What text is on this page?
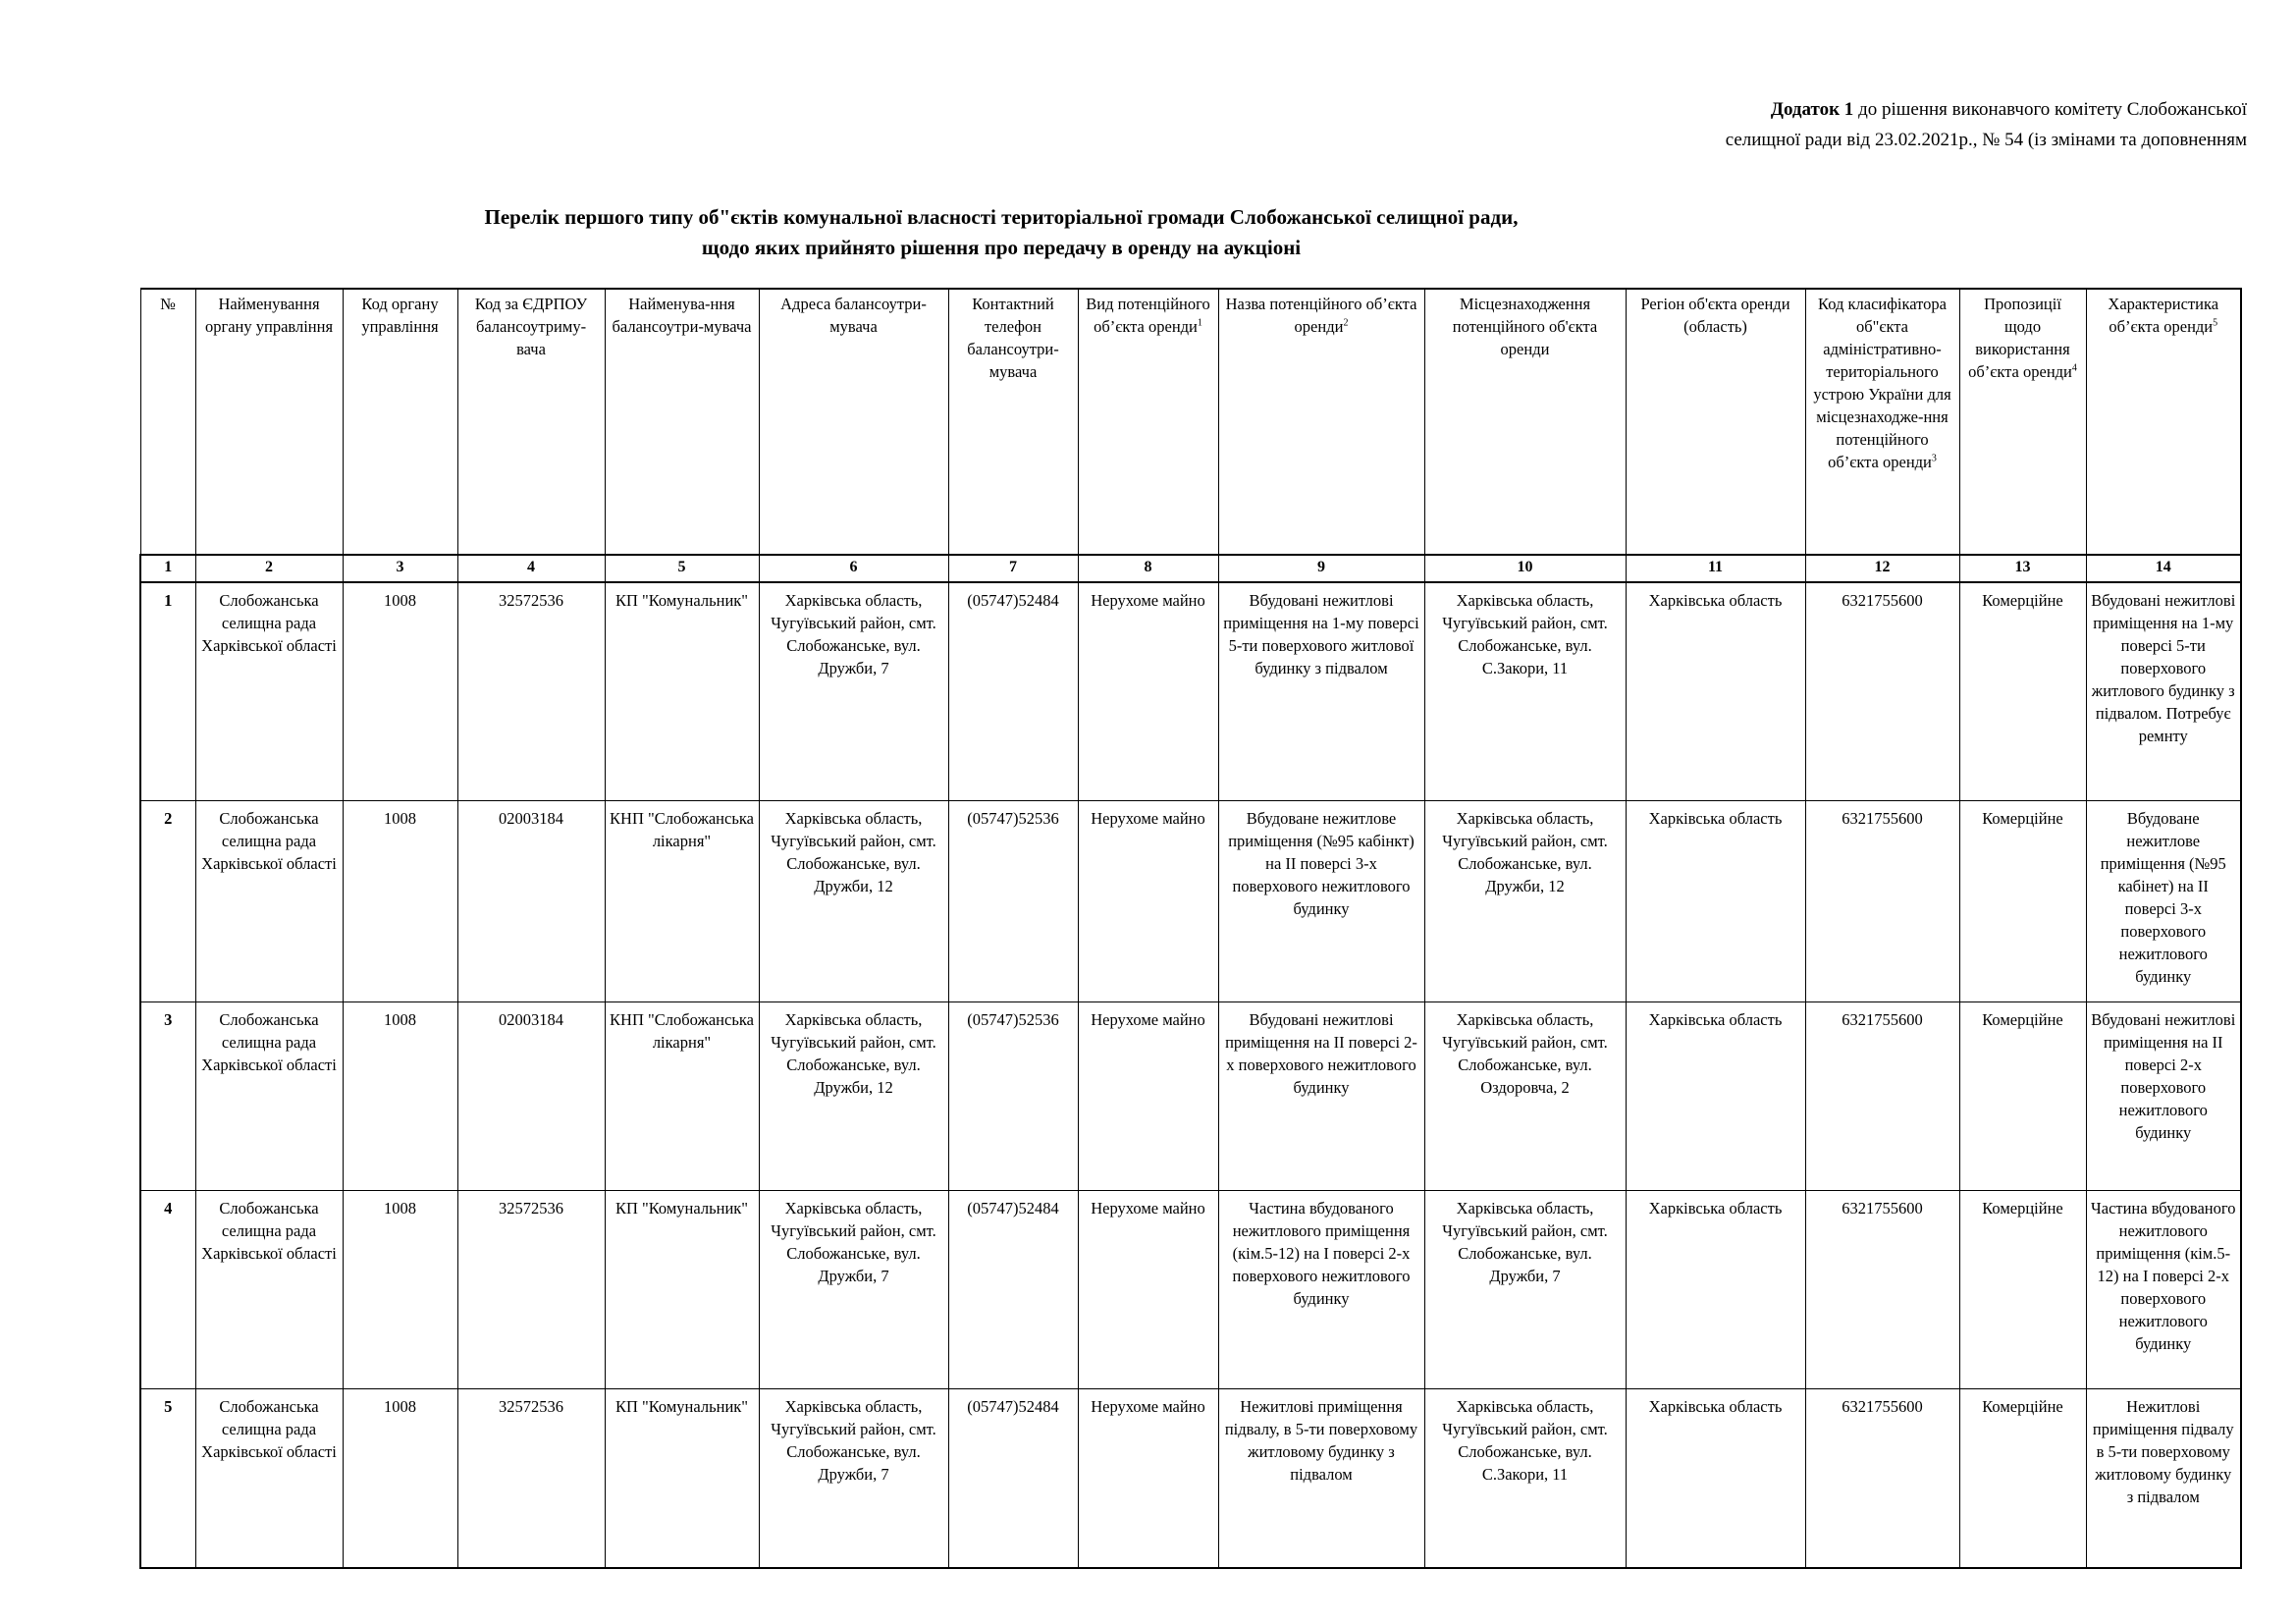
Додаток 1 до рішення виконавчого комітету Слобожанської
селищної ради від 23.02.2021р., № 54 (із змінами та доповненням
Перелік першого типу об"єктів комунальної власності територіальної громади Слобожанської селищної ради,
щодо яких прийнято рішення про передачу в оренду на аукціоні
№	Найменування органу управління	Код органу управління	Код за ЄДРПОУ балансоутриму-вача	Найменува-ння балансоутри-мувача	Адреса балансоутри-мувача	Контактний телефон балансоутри-мувача	Вид потенційного об’єкта оренди$^1$	Назва потенційного об’єкта оренди$^2$	Місцезнаходження потенційного об'єкта оренди	Регіон об'єкта оренди (область)	Код класифікатора об"єкта адміністративно-територіального устрою України для місцезнаходже-ння потенційного об’єкта оренди$^3$	Пропозиції щодо використання об’єкта оренди$^4$	Характеристика об’єкта оренди$^5$
1	2	3	4	5	6	7	8	9	10	11	12	13	14
1	Слобожанська селищна рада Харківської області	1008	32572536	КП "Комунальник"	Харківська область, Чугуївський район, смт. Слобожанське, вул. Дружби, 7	(05747)52484	Нерухоме майно	Вбудовані нежитлові приміщення на 1-му поверсі 5-ти поверхового житлової будинку з підвалом	Харківська область, Чугуївський район, смт. Слобожанське, вул. С.Закори, 11	Харківська область	6321755600	Комерційне	Вбудовані нежитлові приміщення на 1-му поверсі 5-ти поверхового житлового будинку з підвалом. Потребує ремнту
2	Слобожанська селищна рада Харківської області	1008	02003184	КНП "Слобожанська лікарня"	Харківська область, Чугуївський район, смт. Слобожанське, вул. Дружби, 12	(05747)52536	Нерухоме майно	Вбудоване нежитлове приміщення (№95 кабінкт) на ІІ поверсі 3-х поверхового нежитлового будинку	Харківська область, Чугуївський район, смт. Слобожанське, вул. Дружби, 12	Харківська область	6321755600	Комерційне	Вбудоване нежитлове приміщення (№95 кабінет) на ІІ поверсі 3-х поверхового нежитлового будинку
3	Слобожанська селищна рада Харківської області	1008	02003184	КНП "Слобожанська лікарня"	Харківська область, Чугуївський район, смт. Слобожанське, вул. Дружби, 12	(05747)52536	Нерухоме майно	Вбудовані нежитлові приміщення на ІІ поверсі 2-х поверхового нежитлового будинку	Харківська область, Чугуївський район, смт. Слобожанське, вул. Оздоровча, 2	Харківська область	6321755600	Комерційне	Вбудовані нежитлові приміщення на ІІ поверсі 2-х поверхового нежитлового будинку
4	Слобожанська селищна рада Харківської області	1008	32572536	КП "Комунальник"	Харківська область, Чугуївський район, смт. Слобожанське, вул. Дружби, 7	(05747)52484	Нерухоме майно	Частина вбудованого нежитлового приміщення (кім.5-12) на І поверсі 2-х поверхового нежитлового будинку	Харківська область, Чугуївський район, смт. Слобожанське, вул. Дружби, 7	Харківська область	6321755600	Комерційне	Частина вбудованого нежитлового приміщення (кім.5-12) на І поверсі 2-х поверхового нежитлового будинку
5	Слобожанська селищна рада Харківської області	1008	32572536	КП "Комунальник"	Харківська область, Чугуївський район, смт. Слобожанське, вул. Дружби, 7	(05747)52484	Нерухоме майно	Нежитлові приміщення підвалу, в 5-ти поверховому житловому будинку з підвалом	Харківська область, Чугуївський район, смт. Слобожанське, вул. С.Закори, 11	Харківська область	6321755600	Комерційне	Нежитлові приміщення підвалу в 5-ти поверховому житловому будинку з підвалом
